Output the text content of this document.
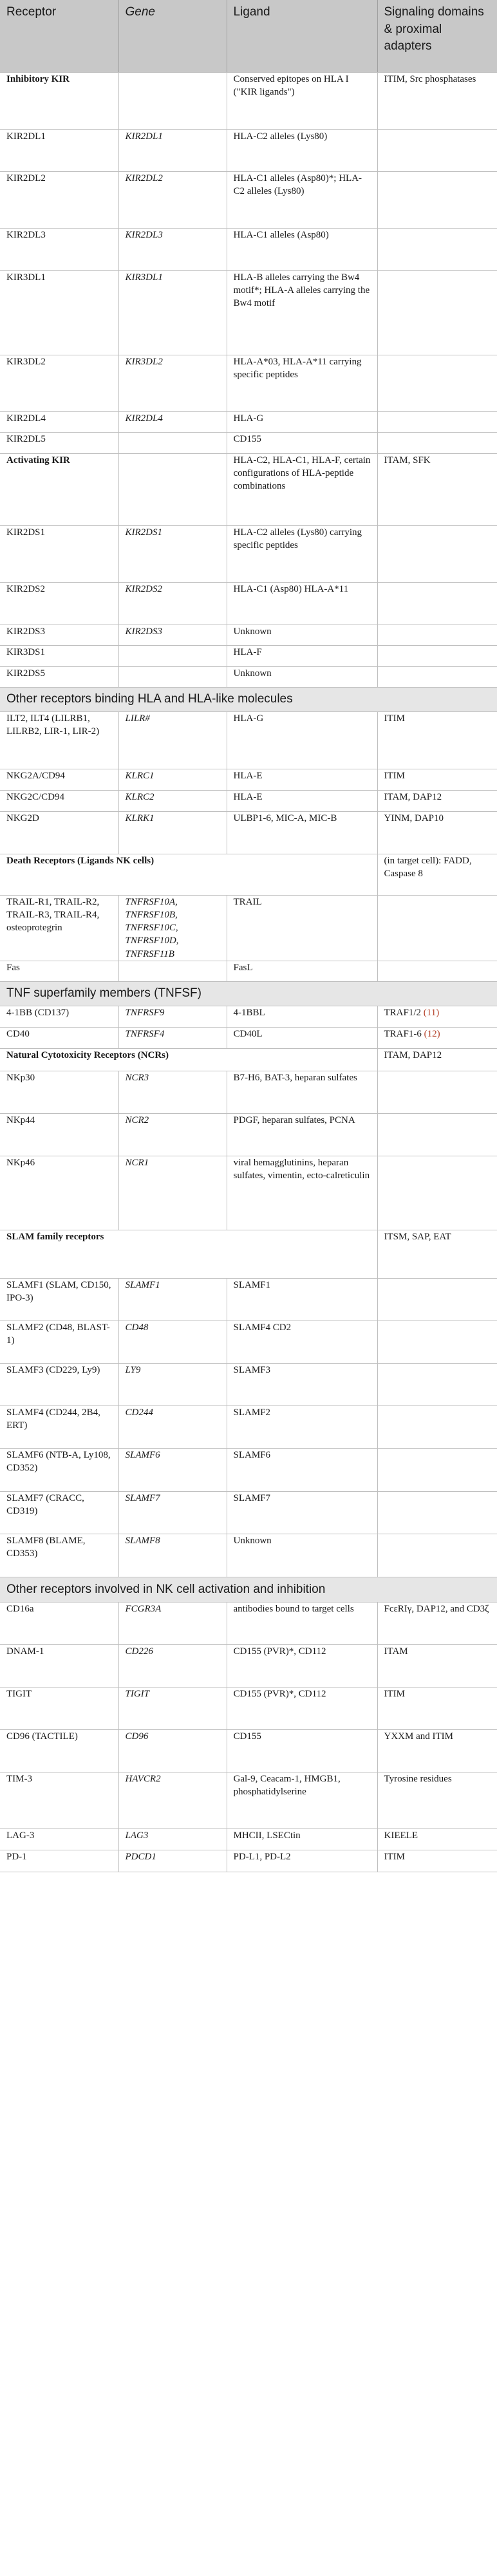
Receptor	Gene	Ligand	Signaling domains & proximal adapters
Inhibitory KIR		Conserved epitopes on HLA I ("KIR ligands")	ITIM, Src phosphatases
KIR2DL1	KIR2DL1	HLA-C2 alleles (Lys80)	
KIR2DL2	KIR2DL2	HLA-C1 alleles (Asp80)*; HLA-C2 alleles (Lys80)	
KIR2DL3	KIR2DL3	HLA-C1 alleles (Asp80)	
KIR3DL1	KIR3DL1	HLA-B alleles carrying the Bw4 motif*; HLA-A alleles carrying the Bw4 motif	
KIR3DL2	KIR3DL2	HLA-A*03, HLA-A*11 carrying specific peptides	
KIR2DL4	KIR2DL4	HLA-G	
KIR2DL5		CD155	
Activating KIR		HLA-C2, HLA-C1, HLA-F, certain configurations of HLA-peptide combinations	ITAM, SFK
KIR2DS1	KIR2DS1	HLA-C2 alleles (Lys80) carrying specific peptides	
KIR2DS2	KIR2DS2	HLA-C1 (Asp80) HLA-A*11	
KIR2DS3	KIR2DS3	Unknown	
KIR3DS1		HLA-F	
KIR2DS5		Unknown	
Other receptors binding HLA and HLA-like molecules			
ILT2, ILT4 (LILRB1, LILRB2, LIR-1, LIR-2)	LILR#	HLA-G	ITIM
NKG2A/CD94	KLRC1	HLA-E	ITIM
NKG2C/CD94	KLRC2	HLA-E	ITAM, DAP12
NKG2D	KLRK1	ULBP1-6, MIC-A, MIC-B	YINM, DAP10
Death Receptors (Ligands NK cells)			(in target cell): FADD, Caspase 8
TRAIL-R1, TRAIL-R2, TRAIL-R3, TRAIL-R4, osteoprotegrin	TNFRSF10A, TNFRSF10B, TNFRSF10C, TNFRSF10D, TNFRSF11B	TRAIL	
Fas		FasL	
TNF superfamily members (TNFSF)			
4-1BB (CD137)	TNFRSF9	4-1BBL	TRAF1/2 (11)
CD40	TNFRSF4	CD40L	TRAF1-6 (12)
Natural Cytotoxicity Receptors (NCRs)			ITAM, DAP12
NKp30	NCR3	B7-H6, BAT-3, heparan sulfates	
NKp44	NCR2	PDGF, heparan sulfates, PCNA	
NKp46	NCR1	viral hemagglutinins, heparan sulfates, vimentin, ecto-calreticulin	
SLAM family receptors			ITSM, SAP, EAT
SLAMF1 (SLAM, CD150, IPO-3)	SLAMF1	SLAMF1	
SLAMF2 (CD48, BLAST-1)	CD48	SLAMF4 CD2	
SLAMF3 (CD229, Ly9)	LY9	SLAMF3	
SLAMF4 (CD244, 2B4, ERT)	CD244	SLAMF2	
SLAMF6 (NTB-A, Ly108, CD352)	SLAMF6	SLAMF6	
SLAMF7 (CRACC, CD319)	SLAMF7	SLAMF7	
SLAMF8 (BLAME, CD353)	SLAMF8	Unknown	
Other receptors involved in NK cell activation and inhibition			
CD16a	FCGR3A	antibodies bound to target cells	FcεRIγ, DAP12, and CD3ζ
DNAM-1	CD226	CD155 (PVR)*, CD112	ITAM
TIGIT	TIGIT	CD155 (PVR)*, CD112	ITIM
CD96 (TACTILE)	CD96	CD155	YXXM and ITIM
TIM-3	HAVCR2	Gal-9, Ceacam-1, HMGB1, phosphatidylserine	Tyrosine residues
LAG-3	LAG3	MHCII, LSECtin	KIEELE
PD-1	PDCD1	PD-L1, PD-L2	ITIM
